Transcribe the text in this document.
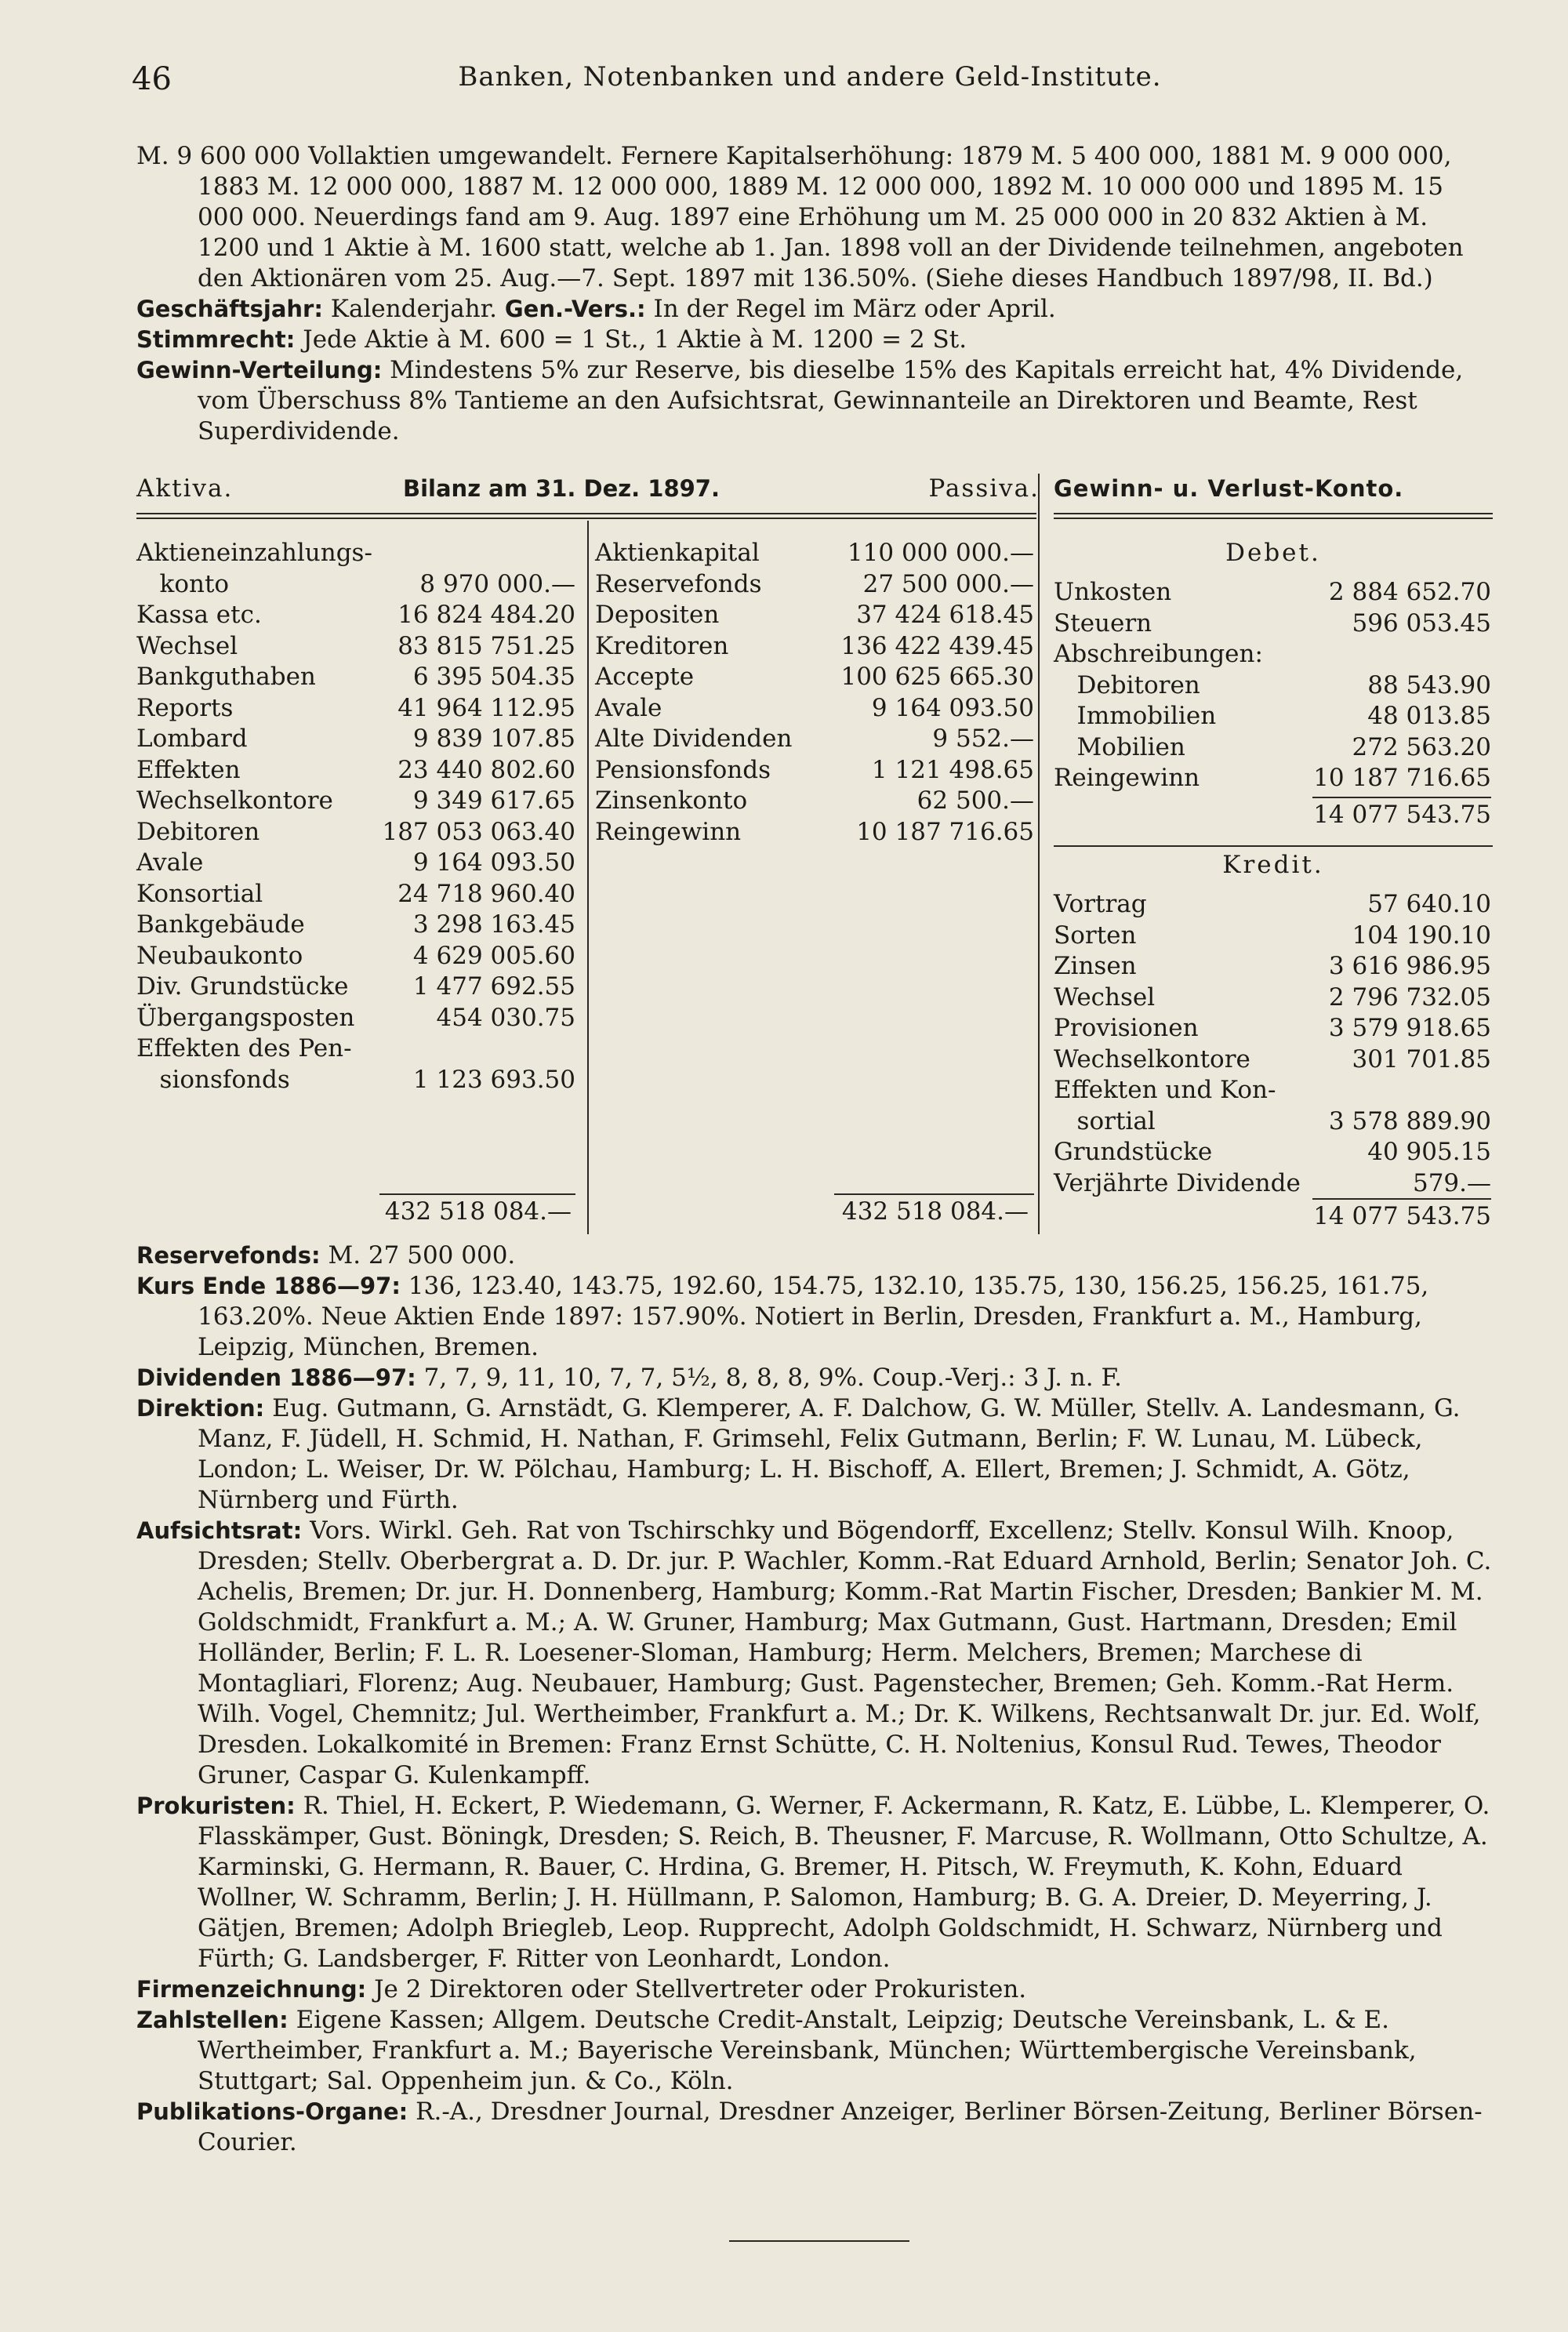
46	Banken, Notenbanken und andere Geld-Institute.

M. 9 600 000 Vollaktien umgewandelt. Fernere Kapitalserhöhung: 1879 M. 5 400 000, 1881 M. 9 000 000, 1883 M. 12 000 000, 1887 M. 12 000 000, 1889 M. 12 000 000, 1892 M. 10 000 000 und 1895 M. 15 000 000. Neuerdings fand am 9. Aug. 1897 eine Erhöhung um M. 25 000 000 in 20 832 Aktien à M. 1200 und 1 Aktie à M. 1600 statt, welche ab 1. Jan. 1898 voll an der Dividende teilnehmen, angeboten den Aktionären vom 25. Aug.—7. Sept. 1897 mit 136.50%. (Siehe dieses Handbuch 1897/98, II. Bd.)

Geschäftsjahr: Kalenderjahr. Gen.-Vers.: In der Regel im März oder April.

Stimmrecht: Jede Aktie à M. 600 = 1 St., 1 Aktie à M. 1200 = 2 St.

Gewinn-Verteilung: Mindestens 5% zur Reserve, bis dieselbe 15% des Kapitals erreicht hat, 4% Dividende, vom Überschuss 8% Tantieme an den Aufsichtsrat, Gewinnanteile an Direktoren und Beamte, Rest Superdividende.

Aktiva.	Bilanz am 31. Dez. 1897.	Passiva. Gewinn- u. Verlust-Konto.
Aktieneinzahlungs-
konto	8 970 000.—
Kassa etc.	16 824 484.20
Wechsel	83 815 751.25
Bankguthaben	6 395 504.35
Reports	41 964 112.95
Lombard	9 839 107.85
Effekten	23 440 802.60
Wechselkontore	9 349 617.65
Debitoren	187 053 063.40
Avale	9 164 093.50
Konsortial	24 718 960.40
Bankgebäude	3 298 163.45
Neubaukonto	4 629 005.60
Div. Grundstücke	1 477 692.55
Übergangsposten	454 030.75
Effekten des Pen-
sionsfonds	1 123 693.50
Aktienkapital	110 000 000.—
Reservefonds	27 500 000.—
Depositen	37 424 618.45
Kreditoren	136 422 439.45
Accepte	100 625 665.30
Avale	9 164 093.50
Alte Dividenden	9 552.—
Pensionsfonds	1 121 498.65
Zinsenkonto	62 500.—
Reingewinn	10 187 716.65
432 518 084.—	432 518 084.—
Debet.
Unkosten	2 884 652.70
Steuern	596 053.45
Abschreibungen:
Debitoren	88 543.90
Immobilien	48 013.85
Mobilien	272 563.20
Reingewinn	10 187 716.65
14 077 543.75
Kredit.
Vortrag	57 640.10
Sorten	104 190.10
Zinsen	3 616 986.95
Wechsel	2 796 732.05
Provisionen	3 579 918.65
Wechselkontore	301 701.85
Effekten und Kon-
sortial	3 578 889.90
Grundstücke	40 905.15
Verjährte Dividende	579.—
14 077 543.75

Reservefonds: M. 27 500 000.

Kurs Ende 1886—97: 136, 123.40, 143.75, 192.60, 154.75, 132.10, 135.75, 130, 156.25, 156.25, 161.75, 163.20%. Neue Aktien Ende 1897: 157.90%. Notiert in Berlin, Dresden, Frankfurt a. M., Hamburg, Leipzig, München, Bremen.

Dividenden 1886—97: 7, 7, 9, 11, 10, 7, 7, 5½, 8, 8, 8, 9%. Coup.-Verj.: 3 J. n. F.

Direktion: Eug. Gutmann, G. Arnstädt, G. Klemperer, A. F. Dalchow, G. W. Müller, Stellv. A. Landesmann, G. Manz, F. Jüdell, H. Schmid, H. Nathan, F. Grimsehl, Felix Gutmann, Berlin; F. W. Lunau, M. Lübeck, London; L. Weiser, Dr. W. Pölchau, Hamburg; L. H. Bischoff, A. Ellert, Bremen; J. Schmidt, A. Götz, Nürnberg und Fürth.

Aufsichtsrat: Vors. Wirkl. Geh. Rat von Tschirschky und Bögendorff, Excellenz; Stellv. Konsul Wilh. Knoop, Dresden; Stellv. Oberbergrat a. D. Dr. jur. P. Wachler, Komm.-Rat Eduard Arnhold, Berlin; Senator Joh. C. Achelis, Bremen; Dr. jur. H. Donnenberg, Hamburg; Komm.-Rat Martin Fischer, Dresden; Bankier M. M. Goldschmidt, Frankfurt a. M.; A. W. Gruner, Hamburg; Max Gutmann, Gust. Hartmann, Dresden; Emil Holländer, Berlin; F. L. R. Loesener-Sloman, Hamburg; Herm. Melchers, Bremen; Marchese di Montagliari, Florenz; Aug. Neubauer, Hamburg; Gust. Pagenstecher, Bremen; Geh. Komm.-Rat Herm. Wilh. Vogel, Chemnitz; Jul. Wertheimber, Frankfurt a. M.; Dr. K. Wilkens, Rechtsanwalt Dr. jur. Ed. Wolf, Dresden. Lokalkomité in Bremen: Franz Ernst Schütte, C. H. Noltenius, Konsul Rud. Tewes, Theodor Gruner, Caspar G. Kulenkampff.

Prokuristen: R. Thiel, H. Eckert, P. Wiedemann, G. Werner, F. Ackermann, R. Katz, E. Lübbe, L. Klemperer, O. Flasskämper, Gust. Böningk, Dresden; S. Reich, B. Theusner, F. Marcuse, R. Wollmann, Otto Schultze, A. Karminski, G. Hermann, R. Bauer, C. Hrdina, G. Bremer, H. Pitsch, W. Freymuth, K. Kohn, Eduard Wollner, W. Schramm, Berlin; J. H. Hüllmann, P. Salomon, Hamburg; B. G. A. Dreier, D. Meyerring, J. Gätjen, Bremen; Adolph Briegleb, Leop. Rupprecht, Adolph Goldschmidt, H. Schwarz, Nürnberg und Fürth; G. Landsberger, F. Ritter von Leonhardt, London.

Firmenzeichnung: Je 2 Direktoren oder Stellvertreter oder Prokuristen.

Zahlstellen: Eigene Kassen; Allgem. Deutsche Credit-Anstalt, Leipzig; Deutsche Vereinsbank, L. & E. Wertheimber, Frankfurt a. M.; Bayerische Vereinsbank, München; Württembergische Vereinsbank, Stuttgart; Sal. Oppenheim jun. & Co., Köln.

Publikations-Organe: R.-A., Dresdner Journal, Dresdner Anzeiger, Berliner Börsen-Zeitung, Berliner Börsen-Courier.
